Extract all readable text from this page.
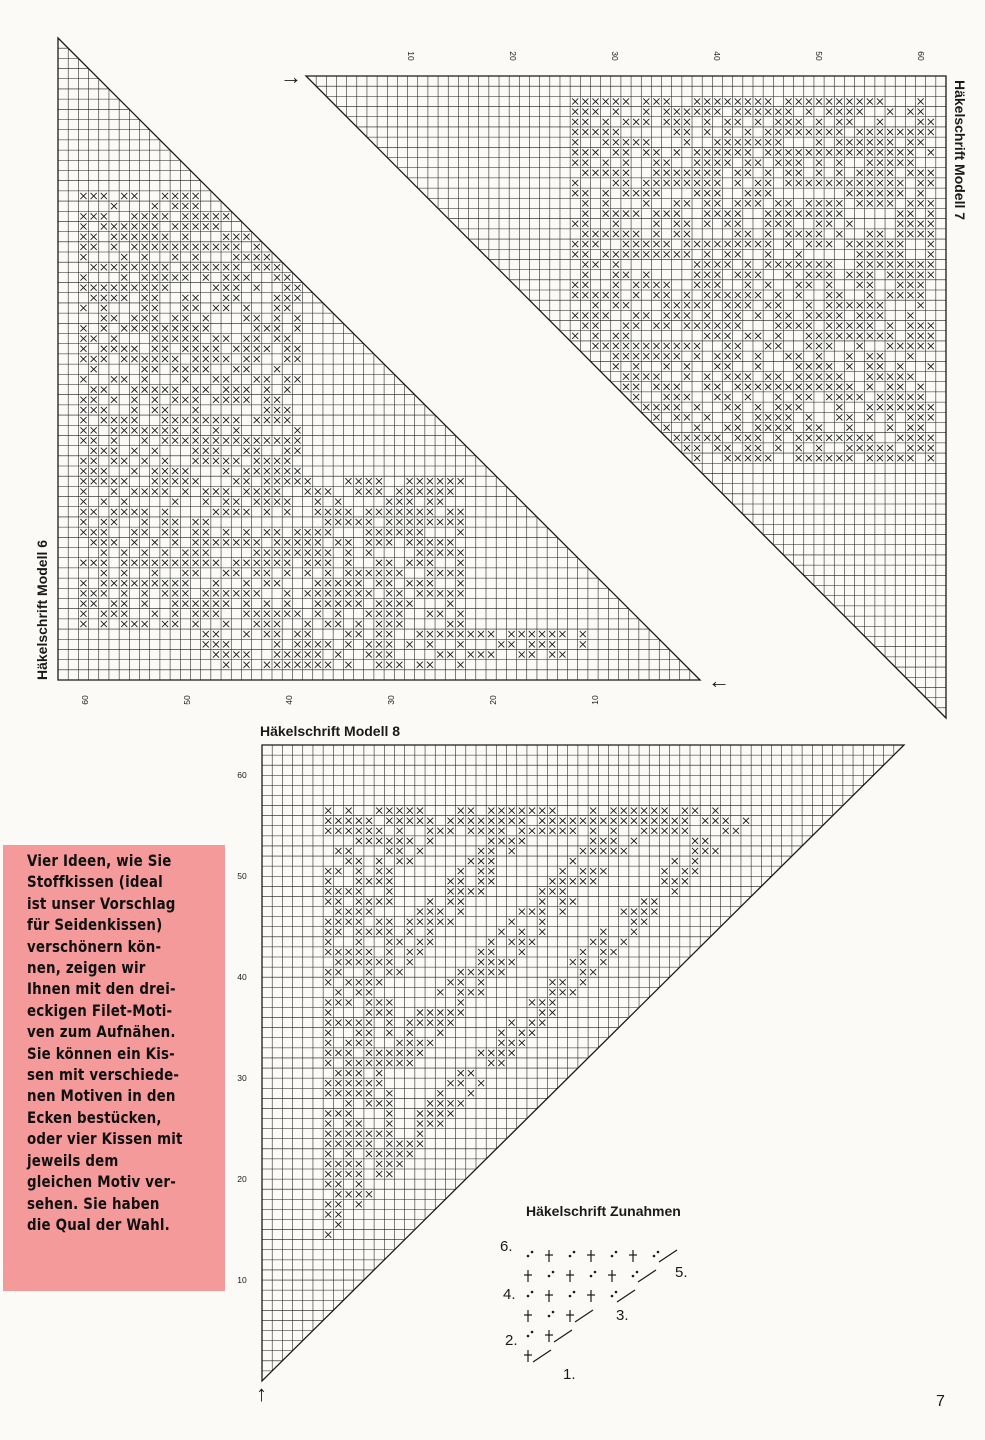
60	50	40	30	20	10
10	20	30	40	50	60
60
50
40
30
20
10
Häkelschrift Modell 6
←
Häkelschrift Modell 7
→
Häkelschrift Modell 8
↑

Vier Ideen, wie Sie
Stoffkissen (ideal
ist unser Vorschlag
für Seidenkissen)
verschönern kön-
nen, zeigen wir
Ihnen mit den drei-
eckigen Filet-Moti-
ven zum Aufnähen.
Sie können ein Kis-
sen mit verschiede-
nen Motiven in den
Ecken bestücken,
oder vier Kissen mit
jeweils dem
gleichen Motiv ver-
sehen. Sie haben
die Qual der Wahl.

Häkelschrift Zunahmen
6.
5.
4.
3.
2.
1.
7
